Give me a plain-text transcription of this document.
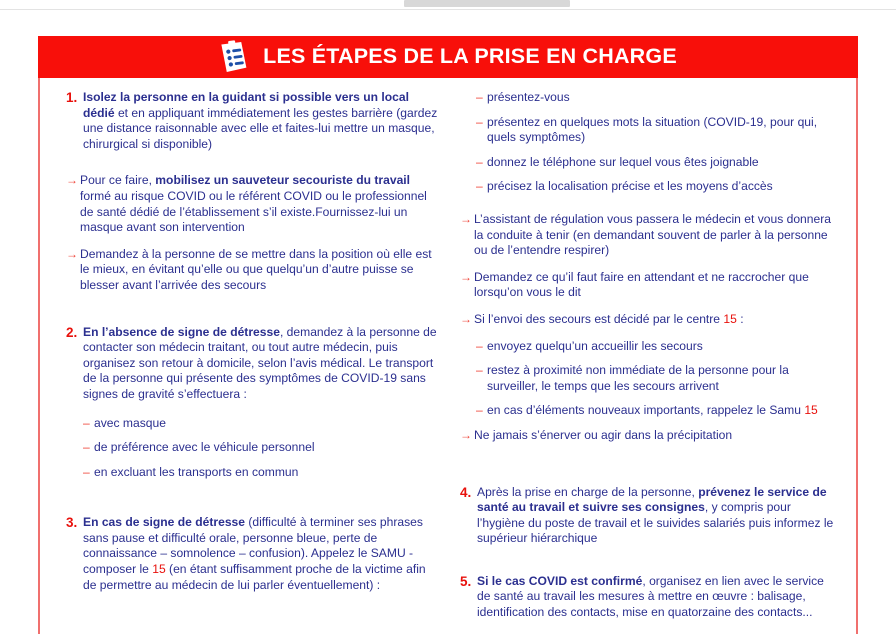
LES ÉTAPES DE LA PRISE EN CHARGE
1. Isolez la personne en la guidant si possible vers un local dédié et en appliquant immédiatement les gestes barrière (gardez une distance raisonnable avec elle et faites-lui mettre un masque, chirurgical si disponible)
→ Pour ce faire, mobilisez un sauveteur secouriste du travail formé au risque COVID ou le référent COVID ou le professionnel de santé dédié de l’établissement s’il existe.Fournissez-lui un masque avant son intervention
→ Demandez à la personne de se mettre dans la position où elle est le mieux, en évitant qu’elle ou que quelqu’un d’autre puisse se blesser avant l’arrivée des secours
2. En l’absence de signe de détresse, demandez à la personne de contacter son médecin traitant, ou tout autre médecin, puis organisez son retour à domicile, selon l’avis médical. Le transport de la personne qui présente des symptômes de COVID-19 sans signes de gravité s’effectuera :
– avec masque
– de préférence avec le véhicule personnel
– en excluant les transports en commun
3. En cas de signe de détresse (difficulté à terminer ses phrases sans pause et difficulté orale, personne bleue, perte de connaissance – somnolence – confusion). Appelez le SAMU - composer le 15 (en étant suffisamment proche de la victime afin de permettre au médecin de lui parler éventuellement) :
– présentez-vous
– présentez en quelques mots la situation (COVID-19, pour qui, quels symptômes)
– donnez le téléphone sur lequel vous êtes joignable
– précisez la localisation précise et les moyens d’accès
→ L’assistant de régulation vous passera le médecin et vous donnera la conduite à tenir (en demandant souvent de parler à la personne ou de l’entendre respirer)
→ Demandez ce qu’il faut faire en attendant et ne raccrocher que lorsqu’on vous le dit
→ Si l’envoi des secours est décidé par le centre 15 :
– envoyez quelqu’un accueillir les secours
– restez à proximité non immédiate de la personne pour la surveiller, le temps que les secours arrivent
– en cas d’éléments nouveaux importants, rappelez le Samu 15
→ Ne jamais s’énerver ou agir dans la précipitation
4. Après la prise en charge de la personne, prévenez le service de santé au travail et suivre ses consignes, y compris pour l’hygiène du poste de travail et le suivides salariés puis informez le supérieur hiérarchique
5. Si le cas COVID est confirmé, organisez en lien avec le service de santé au travail les mesures à mettre en œuvre : balisage, identification des contacts, mise en quatorzaine des contacts...
